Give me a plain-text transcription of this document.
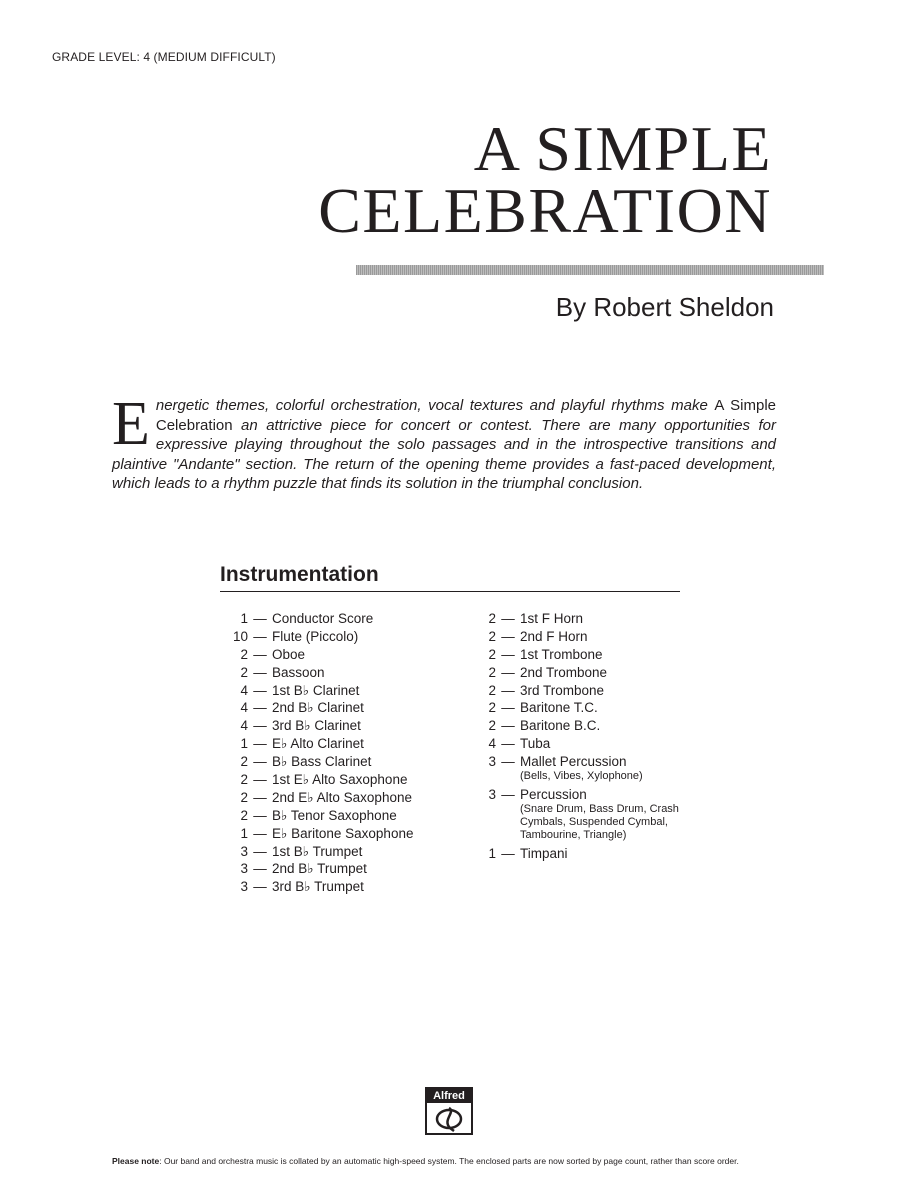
GRADE LEVEL: 4 (MEDIUM DIFFICULT)
A SIMPLE
CELEBRATION
By Robert Sheldon
Energetic themes, colorful orchestration, vocal textures and playful rhythms make A Simple Celebration an attrictive piece for concert or contest. There are many opportunities for expressive playing throughout the solo passages and in the introspective transitions and plaintive "Andante" section. The return of the opening theme provides a fast-paced development, which leads to a rhythm puzzle that finds its solution in the triumphal conclusion.
Instrumentation
1 — Conductor Score
10 — Flute (Piccolo)
2 — Oboe
2 — Bassoon
4 — 1st B♭ Clarinet
4 — 2nd B♭ Clarinet
4 — 3rd B♭ Clarinet
1 — E♭ Alto Clarinet
2 — B♭ Bass Clarinet
2 — 1st E♭ Alto Saxophone
2 — 2nd E♭ Alto Saxophone
2 — B♭ Tenor Saxophone
1 — E♭ Baritone Saxophone
3 — 1st B♭ Trumpet
3 — 2nd B♭ Trumpet
3 — 3rd B♭ Trumpet
2 — 1st F Horn
2 — 2nd F Horn
2 — 1st Trombone
2 — 2nd Trombone
2 — 3rd Trombone
2 — Baritone T.C.
2 — Baritone B.C.
4 — Tuba
3 — Mallet Percussion
(Bells, Vibes, Xylophone)
3 — Percussion
(Snare Drum, Bass Drum, Crash Cymbals, Suspended Cymbal, Tambourine, Triangle)
1 — Timpani
Alfred
Please note: Our band and orchestra music is collated by an automatic high-speed system. The enclosed parts are now sorted by page count, rather than score order.
